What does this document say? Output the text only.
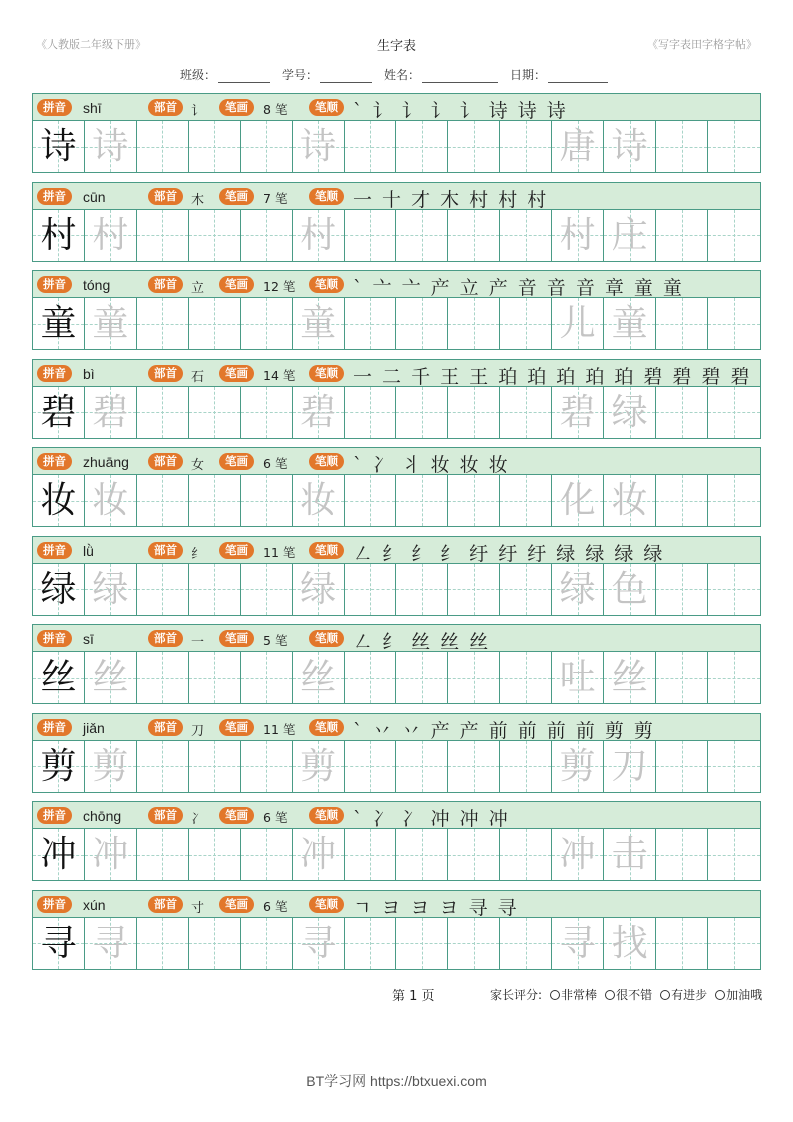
《人教版二年级下册》	生字表	《写字表田字格字帖》
班级：	学号：	姓名：	日期：
拼音	shī	部首	讠	笔画	8 笔	笔顺 ` 讠 讠 讠 讠 诗 诗 诗
诗 诗	诗	唐 诗
拼音	cūn	部首	木	笔画	7 笔	笔顺 一 十 才 木 村 村 村
村 村	村	村 庄
拼音	tóng	部首	立	笔画	12 笔	笔顺 ` 亠 亠 产 立 产 音 音 音 章 童 童
童 童	童	儿 童
拼音	bì	部首	石	笔画	14 笔	笔顺 一 二 千 王 王 珀 珀 珀 珀 珀 碧 碧 碧 碧
碧 碧	碧	碧 绿
拼音	zhuāng	部首	女	笔画	6 笔	笔顺 ` 冫 丬 妆 妆 妆
妆 妆	妆	化 妆
拼音	lǜ	部首	纟	笔画	11 笔	笔顺 ㇜ 纟 纟 纟 纡 纡 纡 绿 绿 绿 绿
绿 绿	绿	绿 色
拼音	sī	部首	一	笔画	5 笔	笔顺 ㇜ 纟 丝 丝 丝
丝 丝	丝	吐 丝
拼音	jiǎn	部首	刀	笔画	11 笔	笔顺 ` 丷 丷 产 产 前 前 前 前 剪 剪
剪 剪	剪	剪 刀
拼音	chōng	部首	冫	笔画	6 笔	笔顺 ` 冫 冫 冲 冲 冲
冲 冲	冲	冲 击
拼音	xún	部首	寸	笔画	6 笔	笔顺 ㄱ ヨ ヨ ヨ 寻 寻
寻 寻	寻	寻 找
第 1 页	家长评分:	非常棒	很不错	有进步	加油哦
BT学习网 https://btxuexi.com
